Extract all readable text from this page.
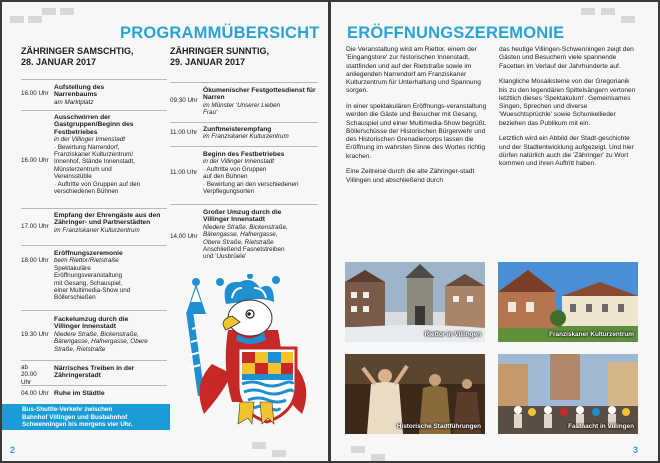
PROGRAMMÜBERSICHT
ZÄHRINGER SAMSCHTIG,
28. JANUAR 2017
16.00 Uhr
Aufstellung des Narrenbaums
am Marktplatz
16.00 Uhr
Ausschwirren der Gastgruppen/Beginn des Festbetriebes
in der Villinger Innenstadt
· Bewirtung Narrendorf,
Franziskaner Kulturzentrum/
Innenhof, Stände Innenstadt,
Münsterzentrum und
Vereinsstüble
· Auftritte von Gruppen auf den
verschiedenen Bühnen
17.00 Uhr
Empfang der Ehrengäste aus den Zähringer- und Partnerstädten
im Franziskaner Kulturzentrum
18.00 Uhr
Eröffnungszeremonie
beim Riettor/Rietstraße
Spektakuläre
Eröffnungsveranstaltung
mit Gesang, Schauspiel,
einer Multimedia-Show und
Böllerschießen
19.30 Uhr
Fackelumzug durch die Villinger Innenstadt
Niedere Straße, Bickenstraße, Bärengasse, Hafnergasse, Obere Straße, Rietstraße
ab 20.00 Uhr
Närrisches Treiben in der Zähringerstadt
04.00 Uhr Ruhe im Städtle
Bus-Shuttle-Verkehr zwischen
Bahnhof Villingen und Busbahnhof
Schwenningen bis morgens vier Uhr.
ZÄHRINGER SUNNTIG,
29. JANUAR 2017
09.30 Uhr
Ökumenischer Festgottesdienst für Narren
im Münster 'Unserer Lieben Frau'
11.00 Uhr Zunftmeisterempfang
im Franziskaner Kulturzentrum
11.00 Uhr
Beginn des Festbetriebes
in der Villinger Innenstadt
· Auftritte von Gruppen
auf den Bühnen
· Bewirtung an den verschiedenen
Verpflegungsorten
14.00 Uhr
Großer Umzug durch die Villinger Innenstadt
Niedere Straße, Bickenstraße, Bärengasse, Hafnergasse, Obere Straße, Rietstraße
Anschließend Fasnetstreiben
und 'Uusbrüele'
2
ERÖFFNUNGSZEREMONIE

Die Veranstaltung wird am Riettor, einem der 'Eingangstore' zur historischen Innenstadt, stattfinden und auf der Rietstraße sowie im anliegenden Narrendorf am Franziskaner Kulturzentrum für Unterhaltung und Spannung sorgen.

In einer spektakulären Eröffnungs-veranstaltung werden die Gäste und Besucher mit Gesang, Schauspiel und einer Multimedia-Show begrüßt. Böllerschüsse der Historischen Bürgerwehr und des Historischen Grenadiercorps lassen die Eröffnung im wahrsten Sinne des Wortes richtig krachen.

Eine Zeitreise durch die alte Zähringer-stadt Villingen und abschließend durch

das heutige Villingen-Schwenningen zeigt den Gästen und Besuchern viele spannende Facetten im Verlauf der Jahrhunderte auf.

Klangliche Mosaiksteine von der Gregorianik bis zu den legendären Spittelsängern vertonen letztlich dieses 'Spektakulum'. Gemeinsames Singen, Sprechen und diverse 'Wueschtsprüchle' sowie Schunkellieder beziehen das Publikum mit ein.

Letztlich wird ein Abbild der Stadt-geschichte und der Stadtentwicklung aufgezeigt. Und hier dürfen natürlich auch die 'Zähringer' zu Wort kommen und ihren Auftritt haben.

Riettor in Villingen	Franziskaner Kulturzentrum
Historische Stadtführungen	Fastnacht in Villingen
3
